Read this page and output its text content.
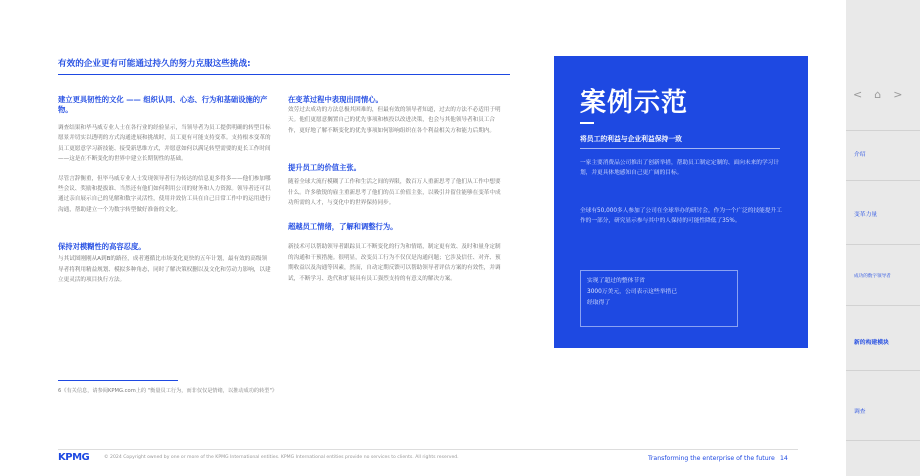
有效的企业更有可能通过持久的努力克服这些挑战:

建立更具韧性的文化 —— 组织认同、心态、行为和基础设施的产物。

调查结果和毕马威专业人士在各行业的经验显示，当领导者为员工提供明确的转型目标愿景并切实以透明的方式沟通进展和挑战时，员工更有可能支持变革。支持根本变革的员工更愿意学习新技能、接受新思维方式，并愿意如何以满足转型需要的更长工作时间——这是在不断变化的世界中建立长期韧性的基础。

尽管言辞衡重，但毕马威专业人士发现领导者行为传达的信息更多得多——他们参加哪些会议、奖励和提拔谁、当然还有他们如何利用公司的财务和人力资源。领导者还可以通过亲自展示自己的见解和数字灵活性，使用并效仿工具在自己日常工作中的运用进行沟通，帮助建立一个为数字转型做好准备的文化。

保持对模糊性的高容忍度。

与其试图刚刚从A到B的路径，成者遵循比市场变化更快的五年计划，最有效的高级领导者将利用精益规划、模拟多种角态，同时了解决策权删以及文化和劳动力影响，以建立更灵活的项目执行方法。

在变革过程中表现出同情心。

效劳过去成功的方法总极其困难的，但最有效的领导者知道，过去的方法不必适用于明天。他们更愿意搁置自己的优先事项和核投以改进决策，也会与其他领导者和员工合作，更好地了解不断变化的优先事项如何影响组织在各个利益相关方和能力后期内。

提升员工的价值主张。

随着全球大流行模糊了工作和生活之间的界限，数百万人重新思考了他们从工作中想要什么。许多敏锐的雇主重新思考了他们的员工价值主张，以吸引并留住能够在变革中成功所需的人才，与变化中的世界保持同步。

超越员工情绪，了解和调整行为。

新技术可以帮助领导者跟踪员工不断变化的行为和情绪，制定更有效、及时和量身定制的沟通和干预措施。很明显，改变员工行为不仅仅是沟通问题；它涉及信任、对齐、预期收益以及沟通等因素，然而，自动定期反馈可以帮助领导者评估方案的有效性，并调试，不断学习、迭代和扩展具有员工强烈支持的有意义的解决方案。

6《有关信息，请参阅KPMG.com上的 "衡量员工行为，而非仅仅是情绪，以推动成功的转型"》
案例示范
将员工的利益与企业利益保持一致

一家主要消费品公司推出了创新举措，帮助员工制定定制的、面向未来的学习计划，并更具体地感知自己更广阔的目标。

全球有50,000多人参加了公司在全球举办的研讨会，作为一个广泛的技能提升工作的一部分，研究显示参与其中的人保持的可能性降低了35%。

实现了超过的整体节省

3000万美元，公司表示这些举措已

经取得了

KPMG	© 2024 Copyright owned by one or more of the KPMG International entities. KPMG International entities provide no services to clients. All rights reserved.	Transforming the enterprise of the future 14
< ⌂ >
介绍
变革力量
成功的数字领导者
新的构建模块
调查
